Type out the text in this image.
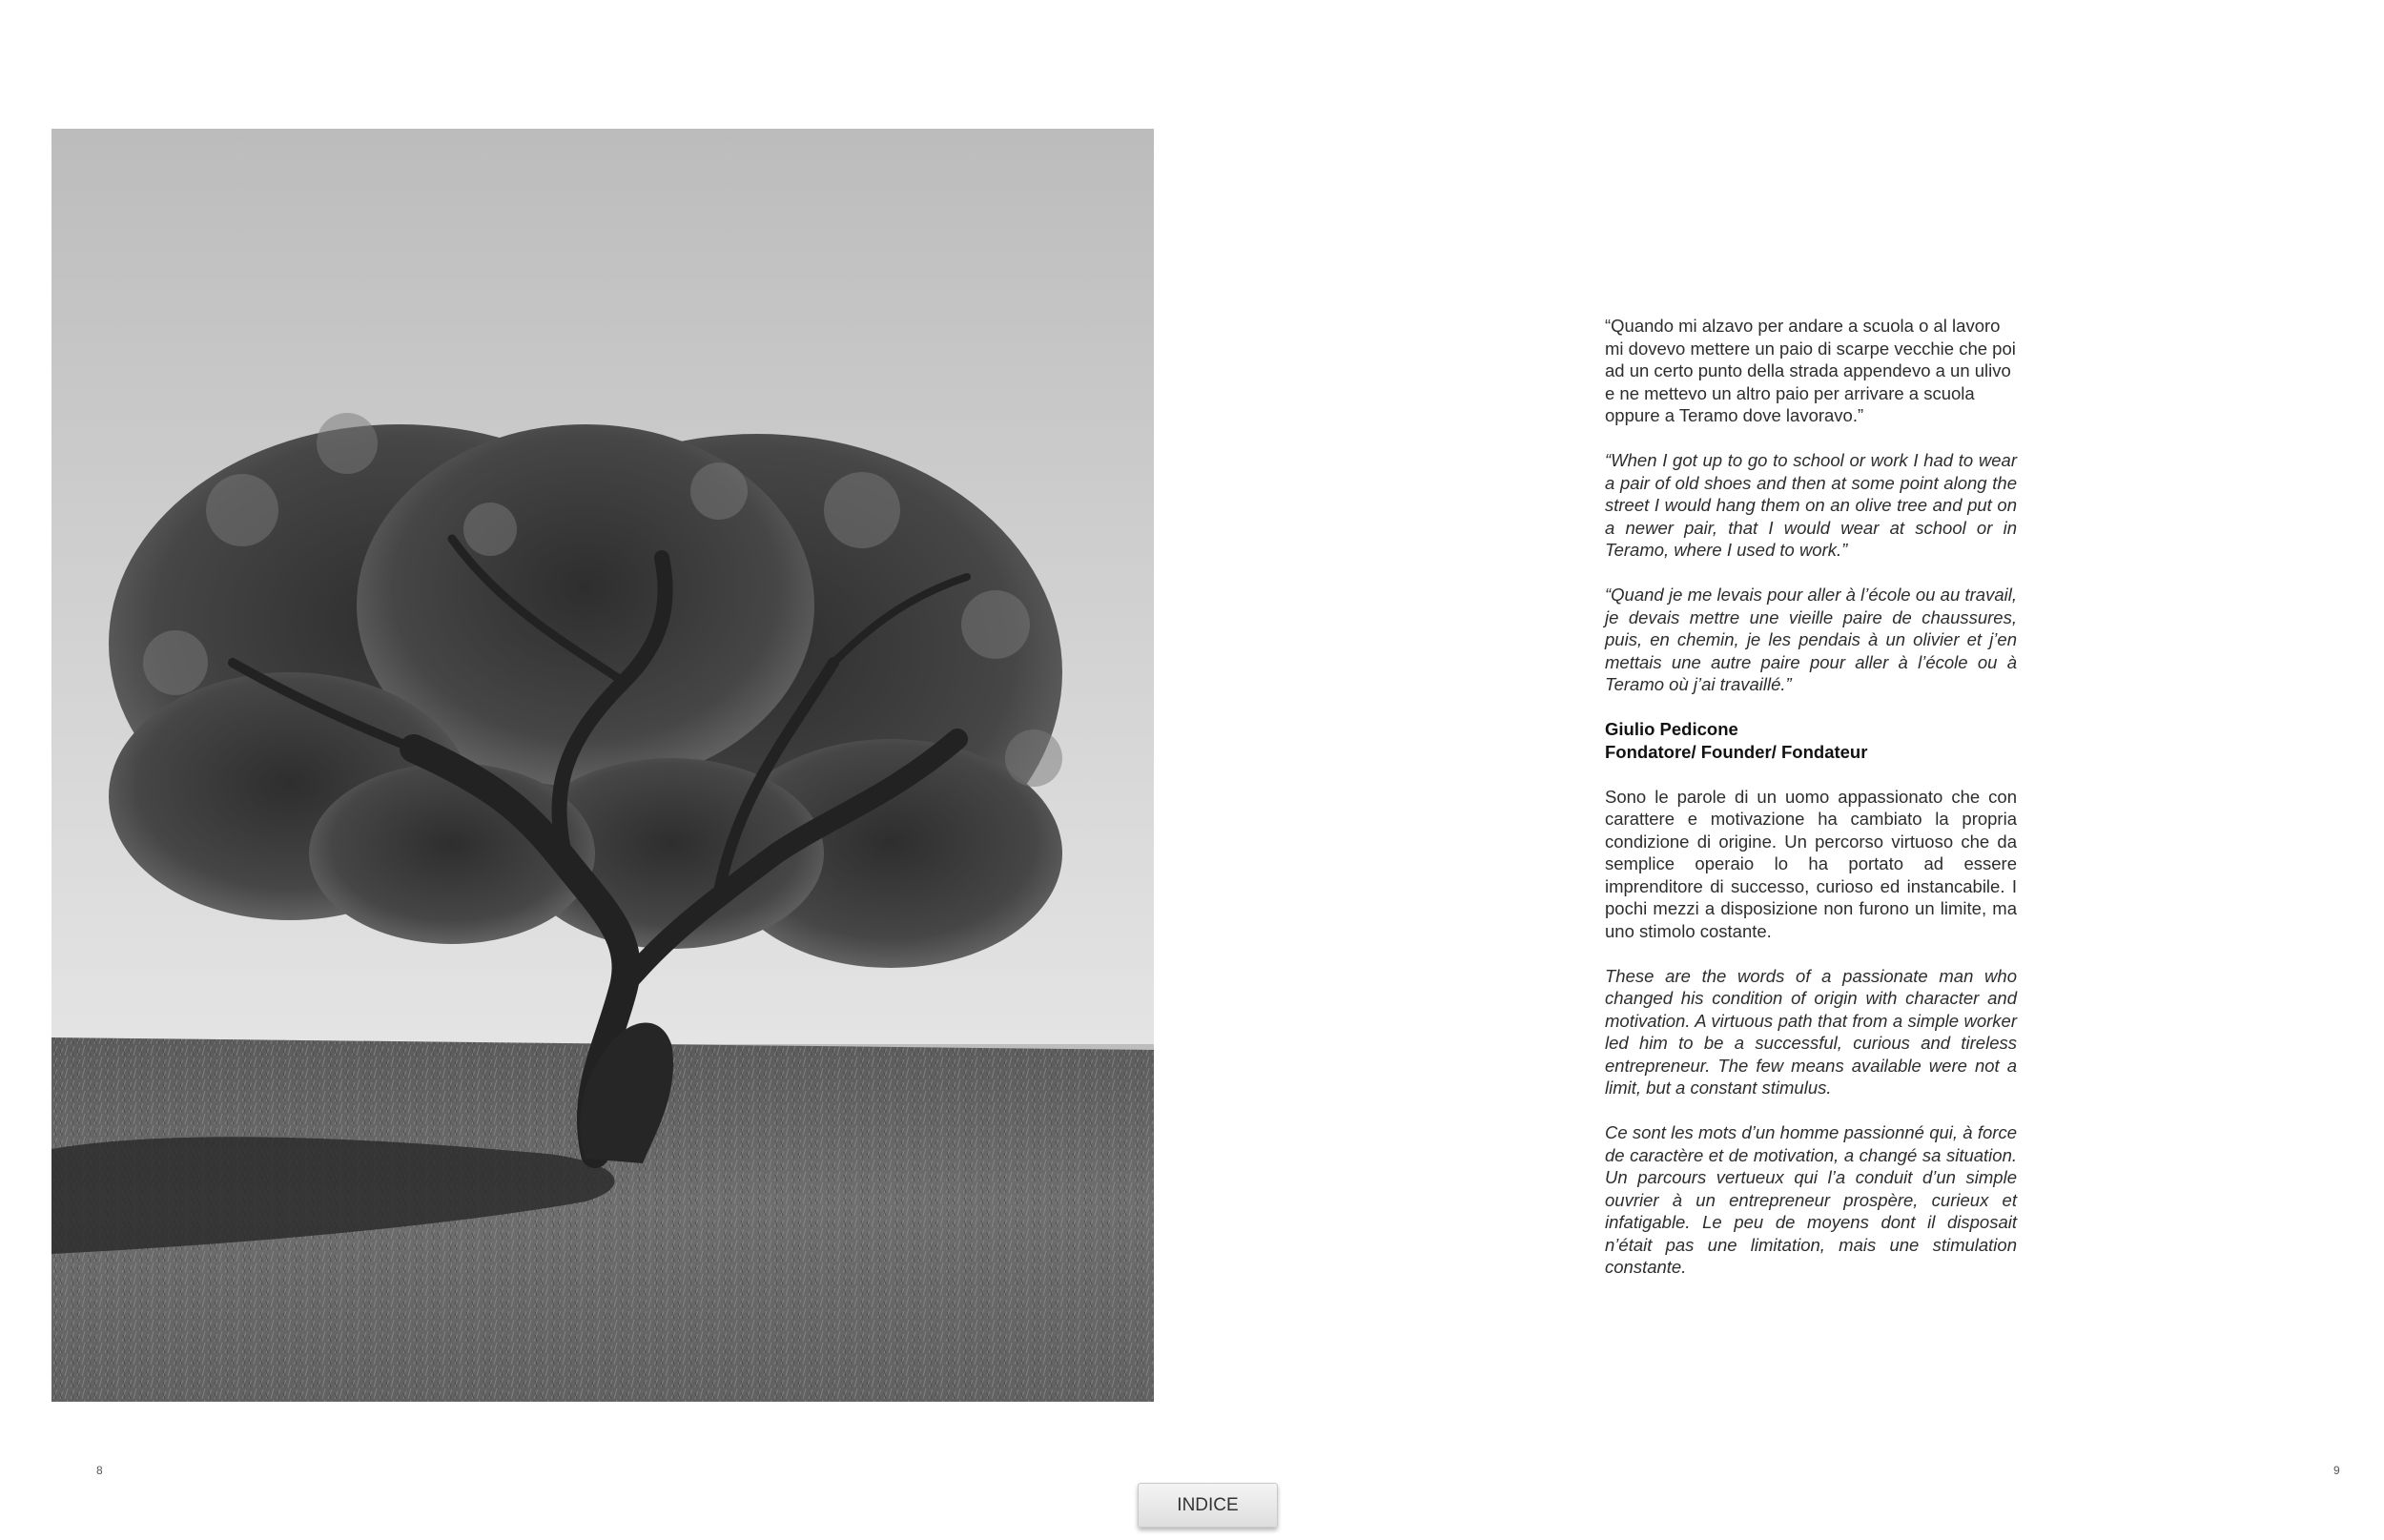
“Quando mi alzavo per andare a scuola o al lavoro mi dovevo mettere un paio di scarpe vecchie che poi ad un certo punto della strada appendevo a un ulivo e ne mettevo un altro paio per arrivare a scuola oppure a Teramo dove lavoravo.”

“When I got up to go to school or work I had to wear a pair of old shoes and then at some point along the street I would hang them on an olive tree and put on a newer pair, that I would wear at school or in Teramo, where I used to work.”

“Quand je me levais pour aller à l’école ou au travail, je devais mettre une vieille paire de chaussures, puis, en chemin, je les pendais à un olivier et j’en mettais une autre paire pour aller à l’école ou à Teramo où j’ai travaillé.”

Giulio Pedicone
Fondatore/ Founder/ Fondateur

Sono le parole di un uomo appassionato che con carattere e motivazione ha cambiato la propria condizione di origine. Un percorso virtuoso che da semplice operaio lo ha portato ad essere imprenditore di successo, curioso ed instancabile. I pochi mezzi a disposizione non furono un limite, ma uno stimolo costante.

These are the words of a passionate man who changed his condition of origin with character and motivation. A virtuous path that from a simple worker led him to be a successful, curious and tireless entrepreneur. The few means available were not a limit, but a constant stimulus.

Ce sont les mots d’un homme passionné qui, à force de caractère et de motivation, a changé sa situation. Un parcours vertueux qui l’a conduit d’un simple ouvrier à un entrepreneur prospère, curieux et infatigable. Le peu de moyens dont il disposait n’était pas une limitation, mais une stimulation constante.

8	9
INDICE
